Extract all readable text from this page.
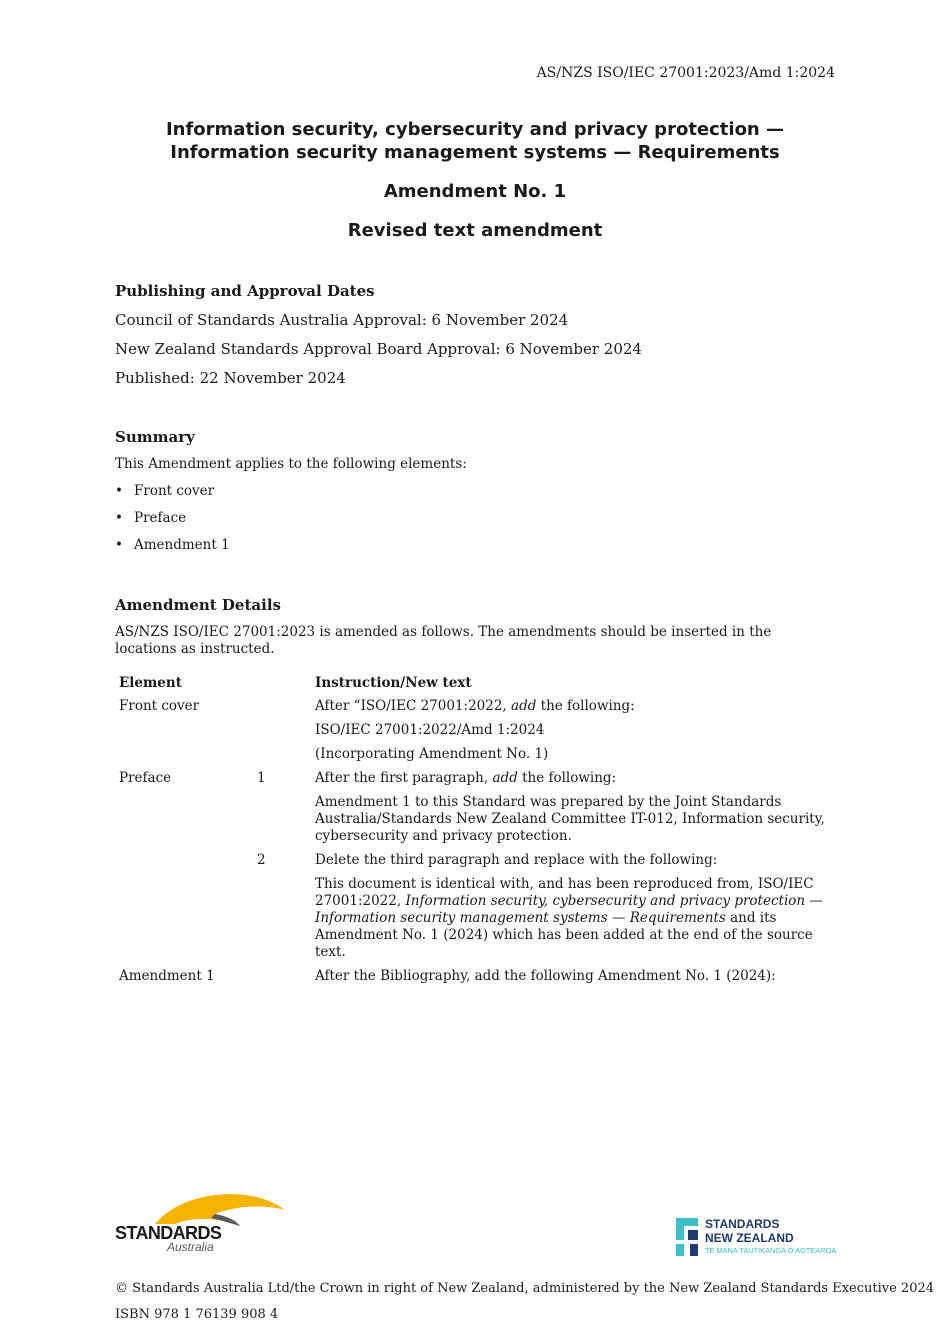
AS/NZS ISO/IEC 27001:2023/Amd 1:2024
Information security, cybersecurity and privacy protection — Information security management systems — Requirements
Amendment No. 1
Revised text amendment
Publishing and Approval Dates
Council of Standards Australia Approval: 6 November 2024
New Zealand Standards Approval Board Approval: 6 November 2024
Published: 22 November 2024
Summary
This Amendment applies to the following elements:
• Front cover
• Preface
• Amendment 1
Amendment Details
AS/NZS ISO/IEC 27001:2023 is amended as follows. The amendments should be inserted in the locations as instructed.
Element		Instruction/New text
Front cover		After “ISO/IEC 27001:2022, add the following:
		ISO/IEC 27001:2022/Amd 1:2024
		(Incorporating Amendment No. 1)
Preface	1	After the first paragraph, add the following:
		Amendment 1 to this Standard was prepared by the Joint Standards Australia/Standards New Zealand Committee IT-012, Information security, cybersecurity and privacy protection.
	2	Delete the third paragraph and replace with the following:
		This document is identical with, and has been reproduced from, ISO/IEC 27001:2022, Information security, cybersecurity and privacy protection — Information security management systems — Requirements and its Amendment No. 1 (2024) which has been added at the end of the source text.
Amendment 1		After the Bibliography, add the following Amendment No. 1 (2024):
STANDARDS
Australia
STANDARDS
NEW ZEALAND
TE MANA TAUTIKANGA O AOTEAROA.
© Standards Australia Ltd/the Crown in right of New Zealand, administered by the New Zealand Standards Executive 2024
ISBN 978 1 76139 908 4
